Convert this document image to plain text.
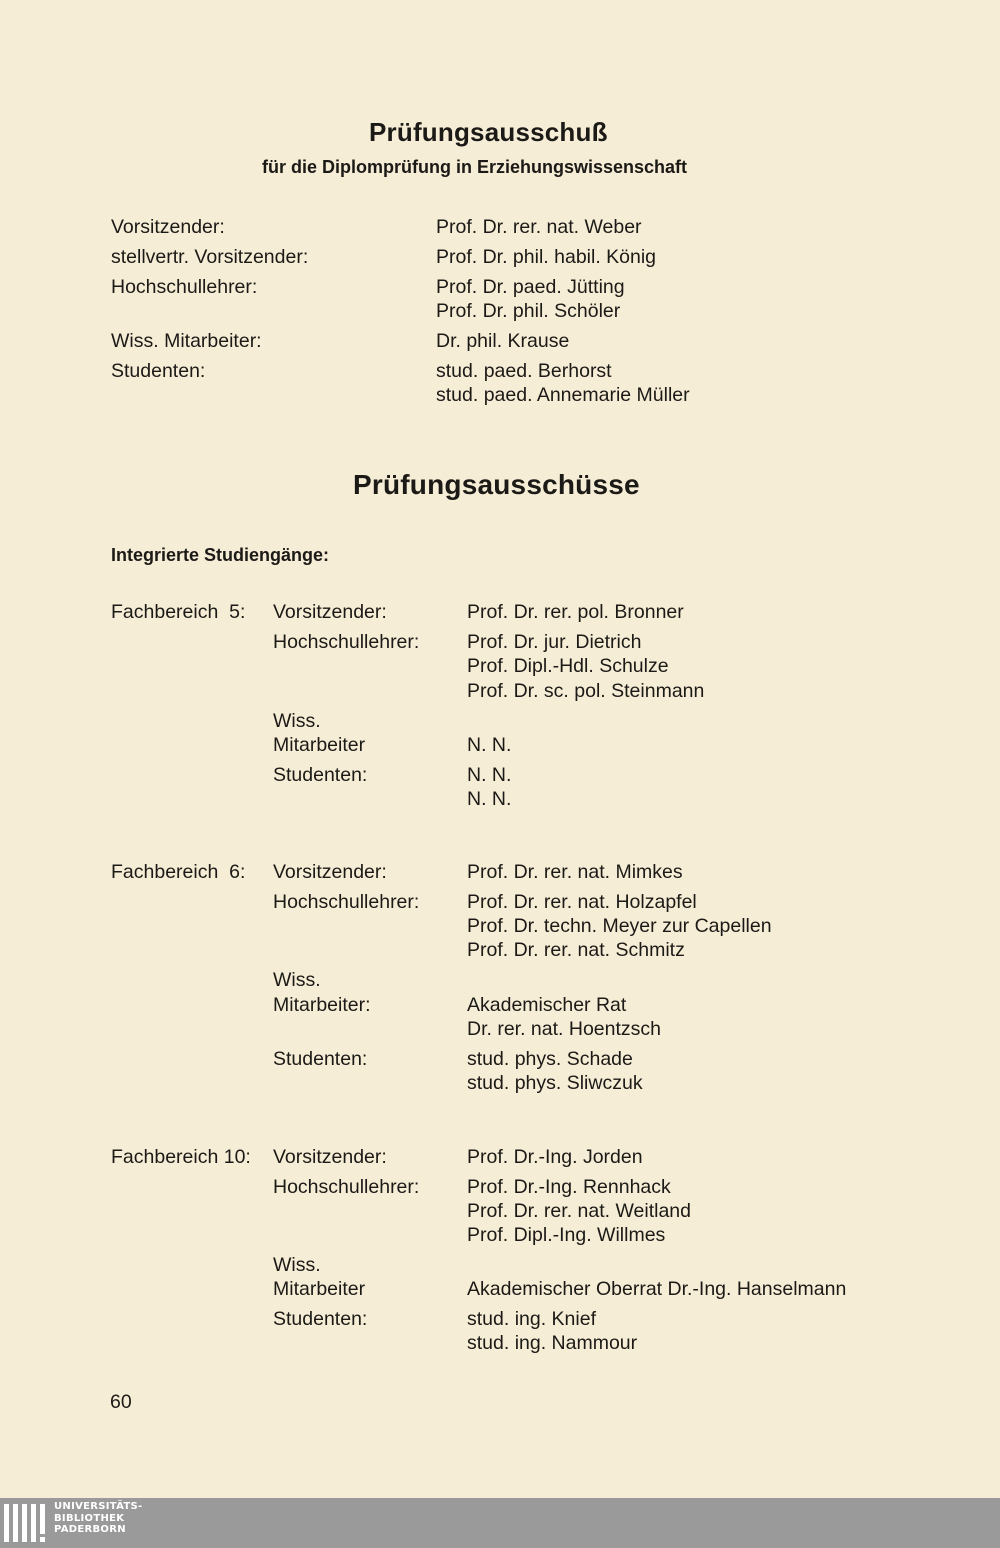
Prüfungsausschuß
für die Diplomprüfung in Erziehungswissenschaft
Vorsitzender:	Prof. Dr. rer. nat. Weber
stellvertr. Vorsitzender:	Prof. Dr. phil. habil. König
Hochschullehrer:	Prof. Dr. paed. Jütting
Prof. Dr. phil. Schöler
Wiss. Mitarbeiter:	Dr. phil. Krause
Studenten:	stud. paed. Berhorst
stud. paed. Annemarie Müller
Prüfungsausschüsse
Integrierte Studiengänge:
Fachbereich  5: Vorsitzender:	Prof. Dr. rer. pol. Bronner
Hochschullehrer: Prof. Dr. jur. Dietrich
Prof. Dipl.-Hdl. Schulze
Prof. Dr. sc. pol. Steinmann
Wiss.
Mitarbeiter	N. N.
Studenten:	N. N.
N. N.
Fachbereich  6: Vorsitzender:	Prof. Dr. rer. nat. Mimkes
Hochschullehrer: Prof. Dr. rer. nat. Holzapfel
Prof. Dr. techn. Meyer zur Capellen
Prof. Dr. rer. nat. Schmitz
Wiss.
Mitarbeiter:	Akademischer Rat
Dr. rer. nat. Hoentzsch
Studenten:	stud. phys. Schade
stud. phys. Sliwczuk
Fachbereich 10: Vorsitzender:	Prof. Dr.-Ing. Jorden
Hochschullehrer: Prof. Dr.-Ing. Rennhack
Prof. Dr. rer. nat. Weitland
Prof. Dipl.-Ing. Willmes
Wiss.
Mitarbeiter	Akademischer Oberrat Dr.-Ing. Hanselmann
Studenten:	stud. ing. Knief
stud. ing. Nammour
60
UNIVERSITÄTS-
BIBLIOTHEK
PADERBORN
